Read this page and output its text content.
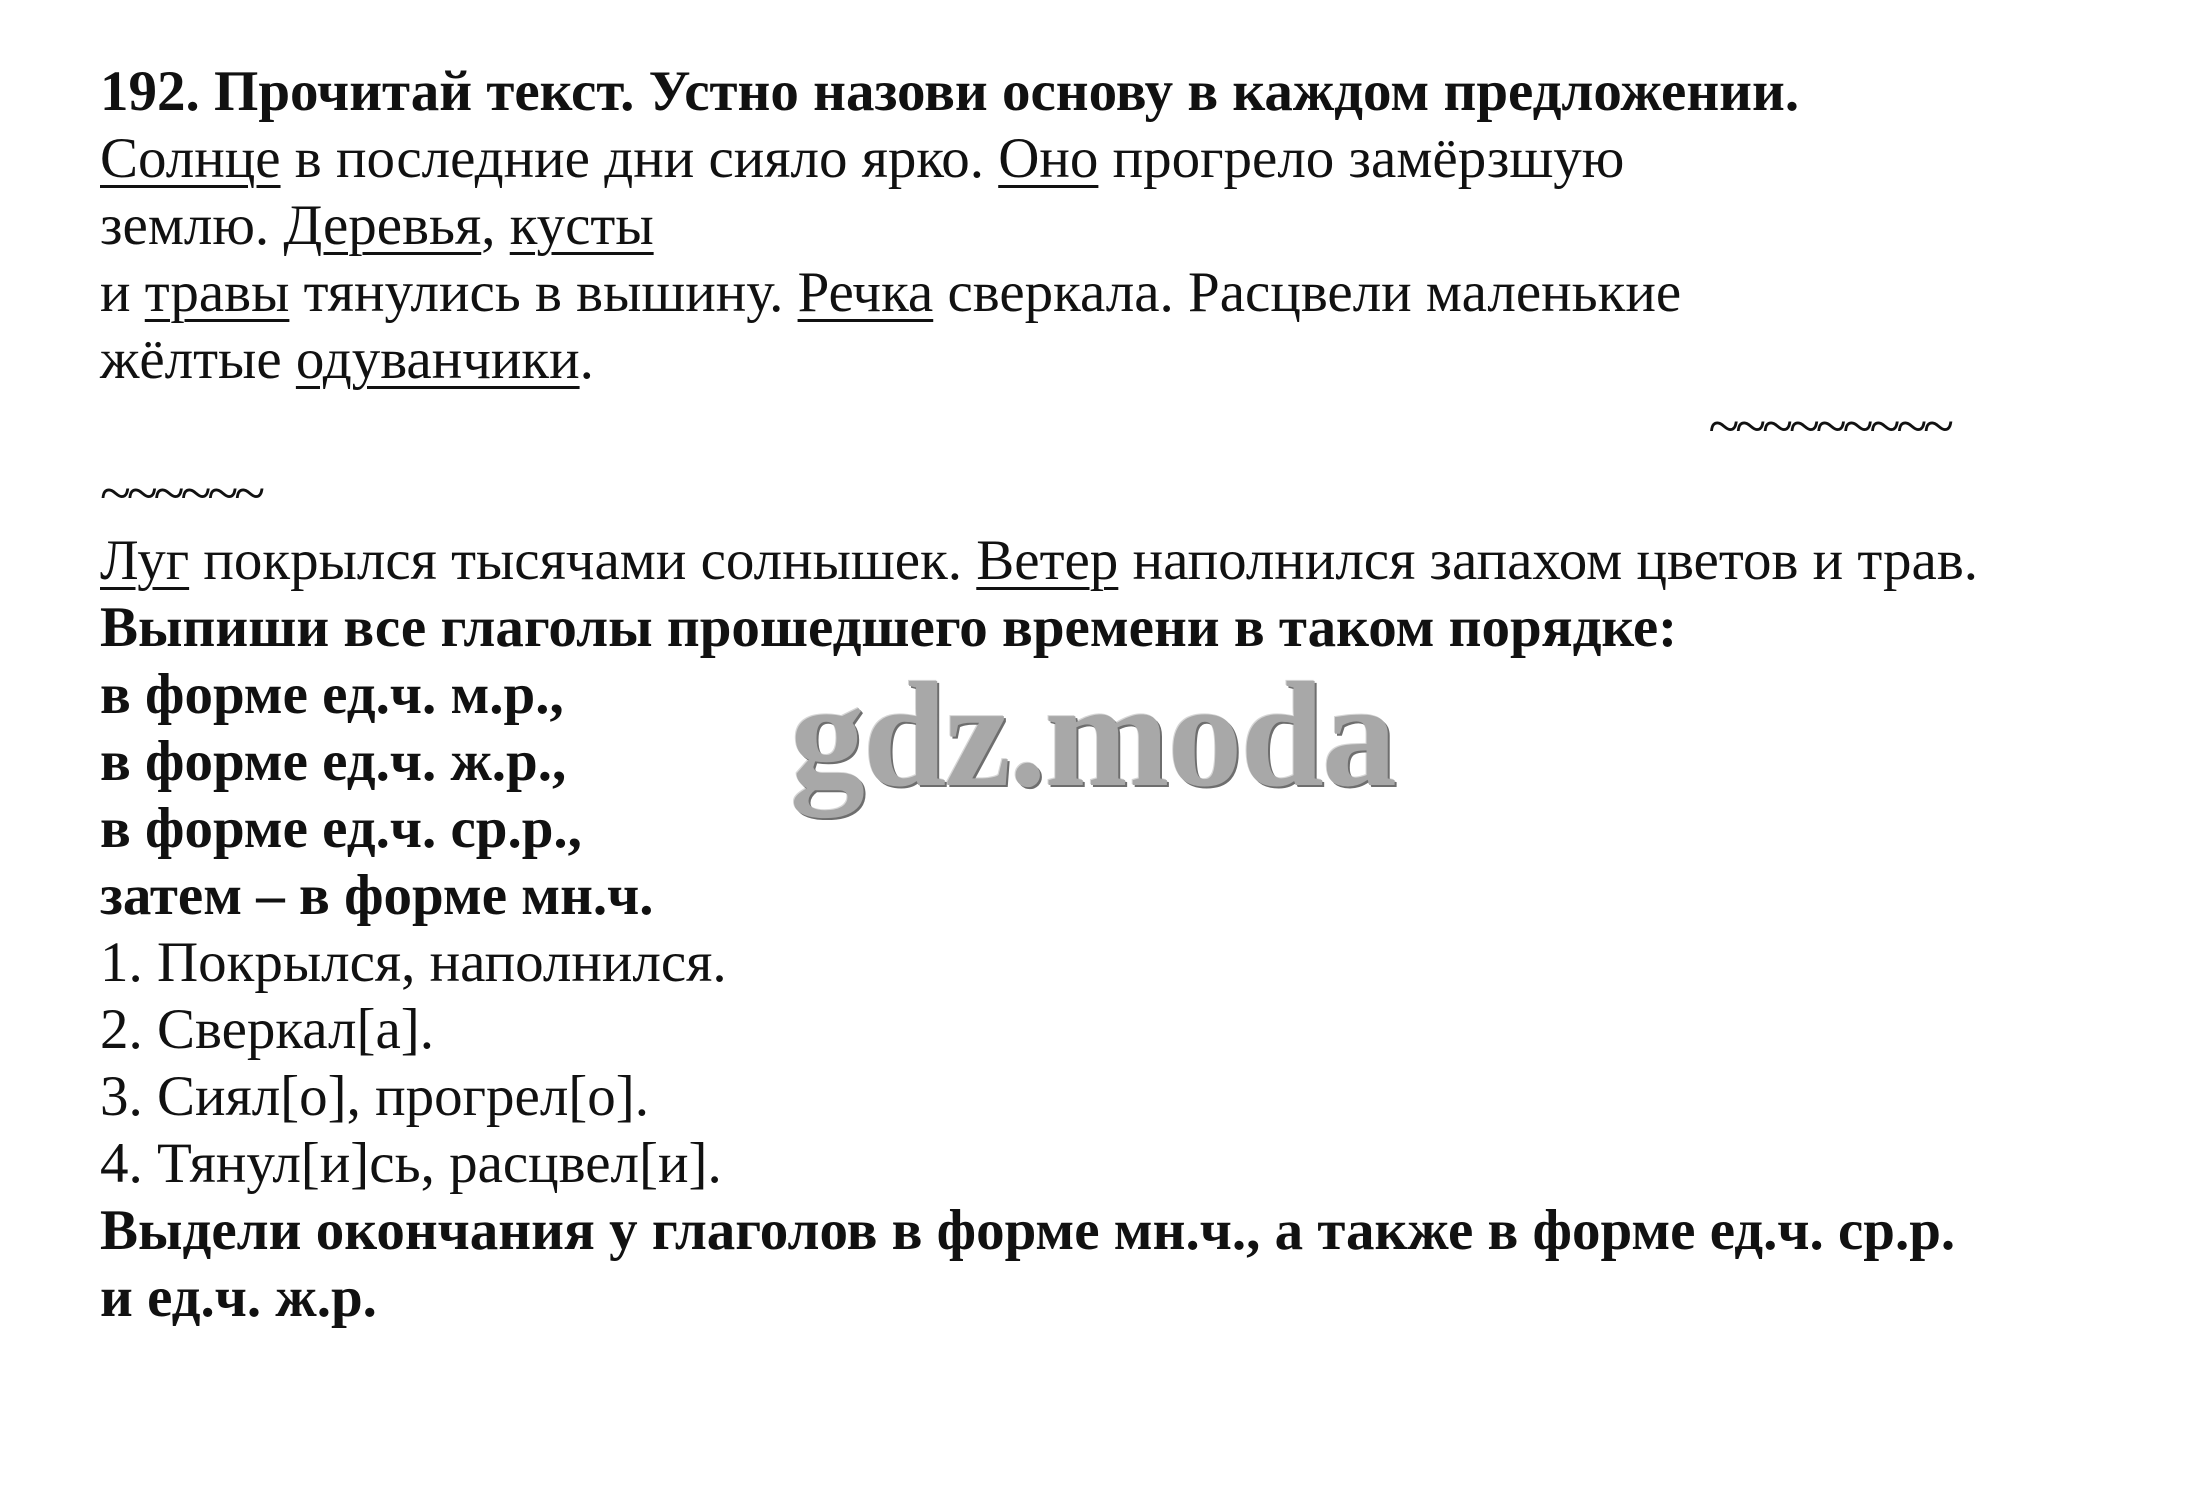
192. Прочитай текст. Устно назови основу в каждом предложении.
Солнце в последние дни сияло ярко. Оно прогрело замёрзшую
землю. Деревья, кусты
и травы тянулись в вышину. Речка сверкала. Расцвели маленькие
жёлтые одуванчики.
~~~~~~~~~
~~~~~~
Луг покрылся тысячами солнышек. Ветер наполнился запахом цветов и трав.
Выпиши все глаголы прошедшего времени в таком порядке:
в форме ед.ч. м.р.,
в форме ед.ч. ж.р.,
в форме ед.ч. ср.р.,
затем – в форме мн.ч.
1. Покрылся, наполнился.
2. Сверкал[а].
3. Сиял[о], прогрел[о].
4. Тянул[и]сь, расцвел[и].
Выдели окончания у глаголов в форме мн.ч., а также в форме ед.ч. ср.р.
и ед.ч. ж.р.
gdz.moda
